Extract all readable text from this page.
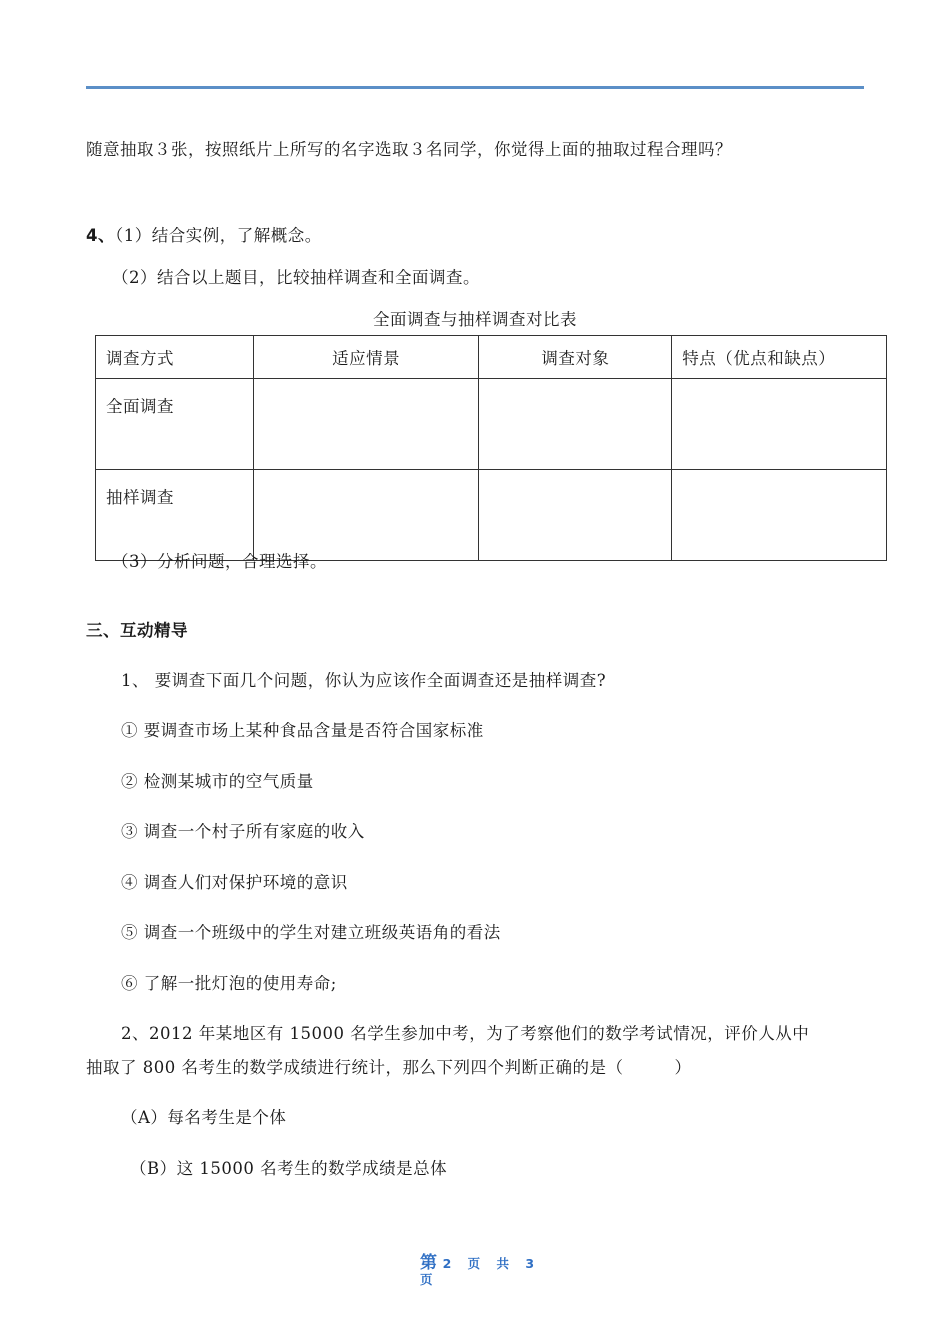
随意抽取３张，按照纸片上所写的名字选取３名同学，你觉得上面的抽取过程合理吗？
4、（1）结合实例，了解概念。
（2）结合以上题目，比较抽样调查和全面调查。
全面调查与抽样调查对比表
调查方式	适应情景	调查对象	特点（优点和缺点）
全面调查			
抽样调查			
（3）分析问题，合理选择。
三、互动精导
1、 要调查下面几个问题，你认为应该作全面调查还是抽样调查?
① 要调查市场上某种食品含量是否符合国家标准
② 检测某城市的空气质量
③ 调查一个村子所有家庭的收入
④ 调查人们对保护环境的意识
⑤ 调查一个班级中的学生对建立班级英语角的看法
⑥ 了解一批灯泡的使用寿命;
2、2012 年某地区有 15000 名学生参加中考，为了考察他们的数学考试情况，评价人从中
抽取了 800 名考生的数学成绩进行统计，那么下列四个判断正确的是（　　　）
（A）每名考生是个体
（B）这 15000 名考生的数学成绩是总体
第 2 页 共 3
页
